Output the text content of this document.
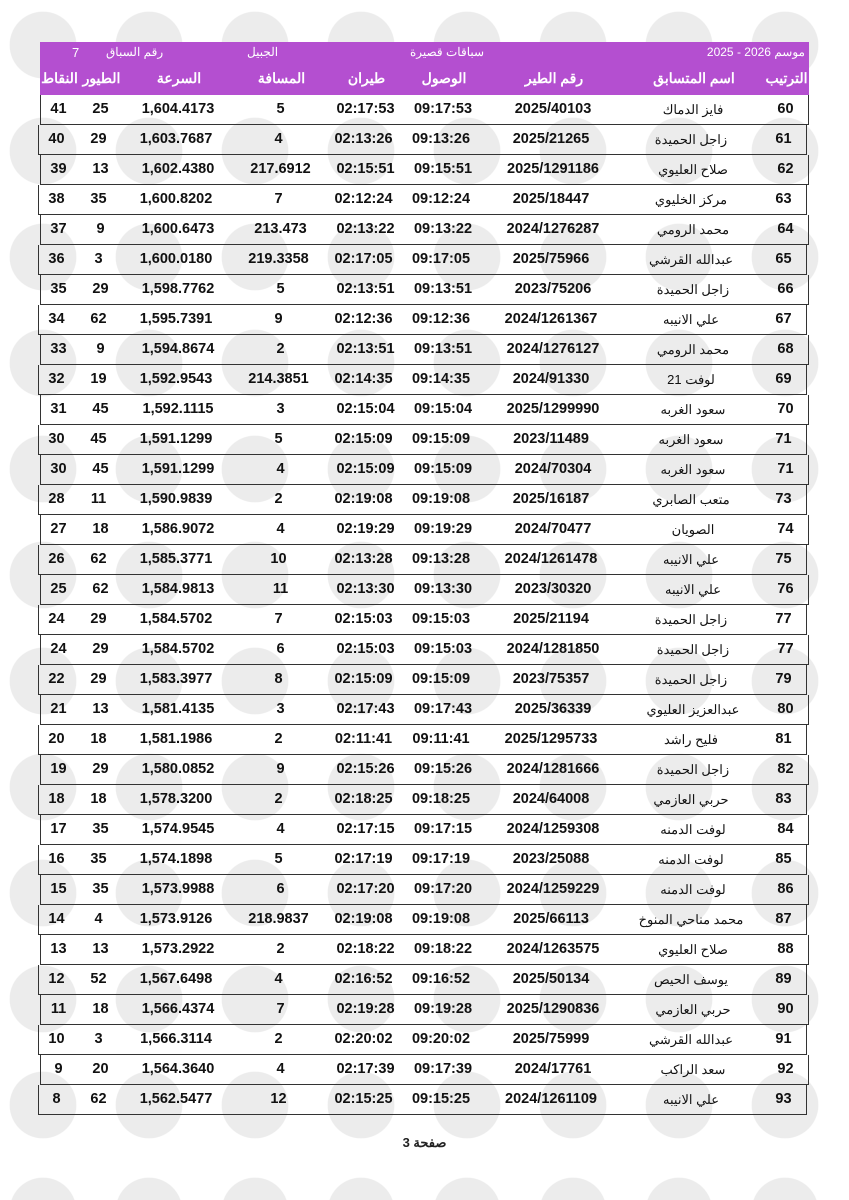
موسم 2026 - 2025
سباقات قصيرة
الجبيل
رقم السباق
7
الترتيب
اسم المتسابق
رقم الطير
الوصول
طيران
المسافة
السرعة
الطيور
النقاط
60
فايز الدماك
2025/40103
09:17:53
02:17:53
5
1,604.4173
25
41
61
زاجل الحميدة
2025/21265
09:13:26
02:13:26
4
1,603.7687
29
40
62
صلاح العليوي
2025/1291186
09:15:51
02:15:51
217.6912
1,602.4380
13
39
63
مركز الخليوي
2025/18447
09:12:24
02:12:24
7
1,600.8202
35
38
64
محمد الرومي
2024/1276287
09:13:22
02:13:22
213.473
1,600.6473
9
37
65
عبدالله القرشي
2025/75966
09:17:05
02:17:05
219.3358
1,600.0180
3
36
66
زاجل الحميدة
2023/75206
09:13:51
02:13:51
5
1,598.7762
29
35
67
علي الانيبه
2024/1261367
09:12:36
02:12:36
9
1,595.7391
62
34
68
محمد الرومي
2024/1276127
09:13:51
02:13:51
2
1,594.8674
9
33
69
لوفت 21
2024/91330
09:14:35
02:14:35
214.3851
1,592.9543
19
32
70
سعود الغربه
2025/1299990
09:15:04
02:15:04
3
1,592.1115
45
31
71
سعود الغربه
2023/11489
09:15:09
02:15:09
5
1,591.1299
45
30
71
سعود الغربه
2024/70304
09:15:09
02:15:09
4
1,591.1299
45
30
73
متعب الصابري
2025/16187
09:19:08
02:19:08
2
1,590.9839
11
28
74
الصويان
2024/70477
09:19:29
02:19:29
4
1,586.9072
18
27
75
علي الانيبه
2024/1261478
09:13:28
02:13:28
10
1,585.3771
62
26
76
علي الانيبه
2023/30320
09:13:30
02:13:30
11
1,584.9813
62
25
77
زاجل الحميدة
2025/21194
09:15:03
02:15:03
7
1,584.5702
29
24
77
زاجل الحميدة
2024/1281850
09:15:03
02:15:03
6
1,584.5702
29
24
79
زاجل الحميدة
2023/75357
09:15:09
02:15:09
8
1,583.3977
29
22
80
عبدالعزيز العليوي
2025/36339
09:17:43
02:17:43
3
1,581.4135
13
21
81
فليح راشد
2025/1295733
09:11:41
02:11:41
2
1,581.1986
18
20
82
زاجل الحميدة
2024/1281666
09:15:26
02:15:26
9
1,580.0852
29
19
83
حربي العازمي
2024/64008
09:18:25
02:18:25
2
1,578.3200
18
18
84
لوفت الدمنه
2024/1259308
09:17:15
02:17:15
4
1,574.9545
35
17
85
لوفت الدمنه
2023/25088
09:17:19
02:17:19
5
1,574.1898
35
16
86
لوفت الدمنه
2024/1259229
09:17:20
02:17:20
6
1,573.9988
35
15
87
محمد مناحي المنوخ
2025/66113
09:19:08
02:19:08
218.9837
1,573.9126
4
14
88
صلاح العليوي
2024/1263575
09:18:22
02:18:22
2
1,573.2922
13
13
89
يوسف الحيص
2025/50134
09:16:52
02:16:52
4
1,567.6498
52
12
90
حربي العازمي
2025/1290836
09:19:28
02:19:28
7
1,566.4374
18
11
91
عبدالله القرشي
2025/75999
09:20:02
02:20:02
2
1,566.3114
3
10
92
سعد الراكب
2024/17761
09:17:39
02:17:39
4
1,564.3640
20
9
93
علي الانيبه
2024/1261109
09:15:25
02:15:25
12
1,562.5477
62
8
صفحة 3
